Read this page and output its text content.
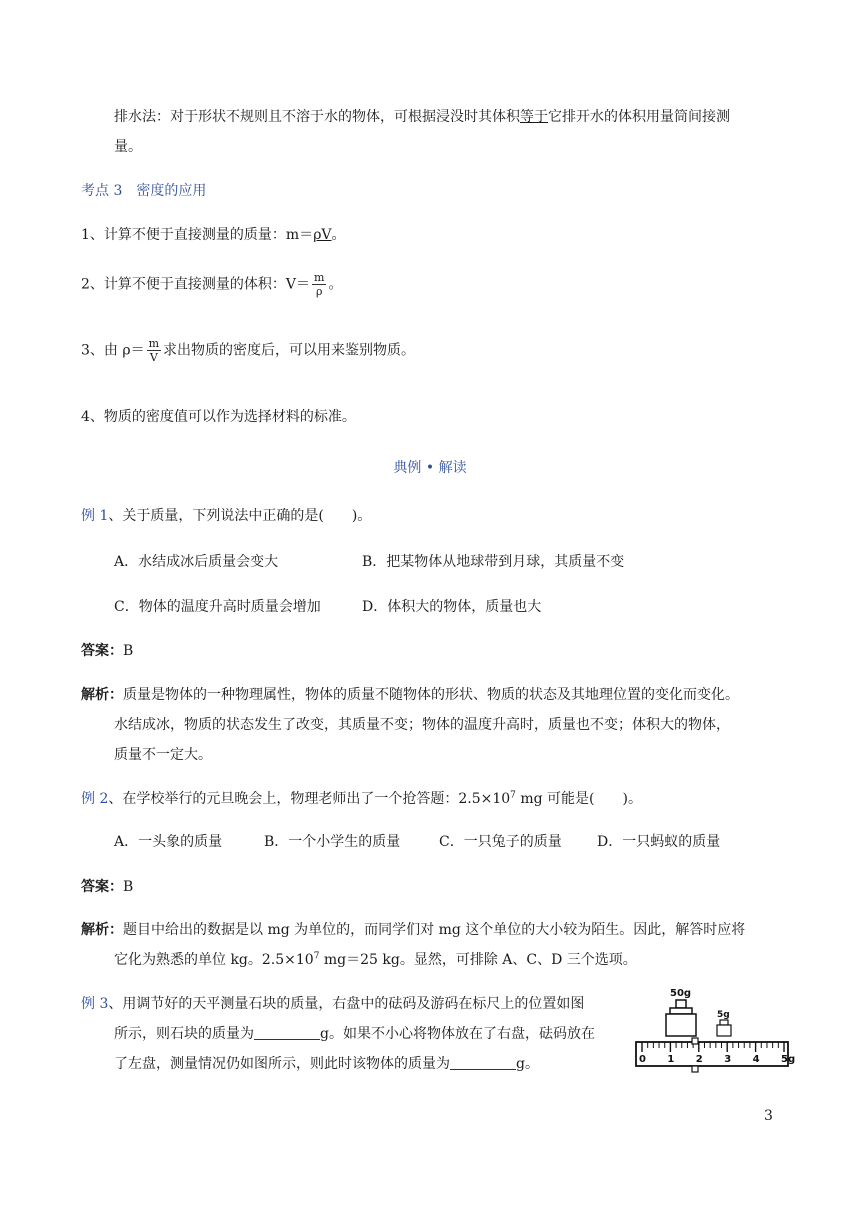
排水法：对于形状不规则且不溶于水的物体，可根据浸没时其体积等于它排开水的体积用量筒间接测
量。
考点 3　密度的应用
1、计算不便于直接测量的质量：m＝ρV。
2、计算不便于直接测量的体积：$V= \frac{m}{\rho}$ 。
3、由 $\rho= \frac{m}{V}$ 求出物质的密度后，可以用来鉴别物质。
4、物质的密度值可以作为选择材料的标准。
典例 • 解读
例 1、关于质量，下列说法中正确的是(　　)。
A．水结成冰后质量会变大	B．把某物体从地球带到月球，其质量不变
C．物体的温度升高时质量会增加	D．体积大的物体，质量也大
答案：B
解析：质量是物体的一种物理属性，物体的质量不随物体的形状、物质的状态及其地理位置的变化而变化。
水结成冰，物质的状态发生了改变，其质量不变；物体的温度升高时，质量也不变；体积大的物体，
质量不一定大。
例 2、在学校举行的元旦晚会上，物理老师出了一个抢答题：$2.5\times 10^7$ mg 可能是(　　)。
A．一头象的质量	B．一个小学生的质量	C．一只兔子的质量	D．一只蚂蚁的质量
答案：B
解析：题目中给出的数据是以 mg 为单位的，而同学们对 mg 这个单位的大小较为陌生。因此，解答时应将
它化为熟悉的单位 kg。$2.5\times 10^7$ mg＝25 kg。显然，可排除 A、C、D 三个选项。
例 3、用调节好的天平测量石块的质量，右盘中的砝码及游码在标尺上的位置如图
所示，则石块的质量为	g。如果不小心将物体放在了右盘，砝码放在
了左盘，测量情况仍如图所示，则此时该物体的质量为	g。
50g
5g
0 1 2 3 4 5g
3
